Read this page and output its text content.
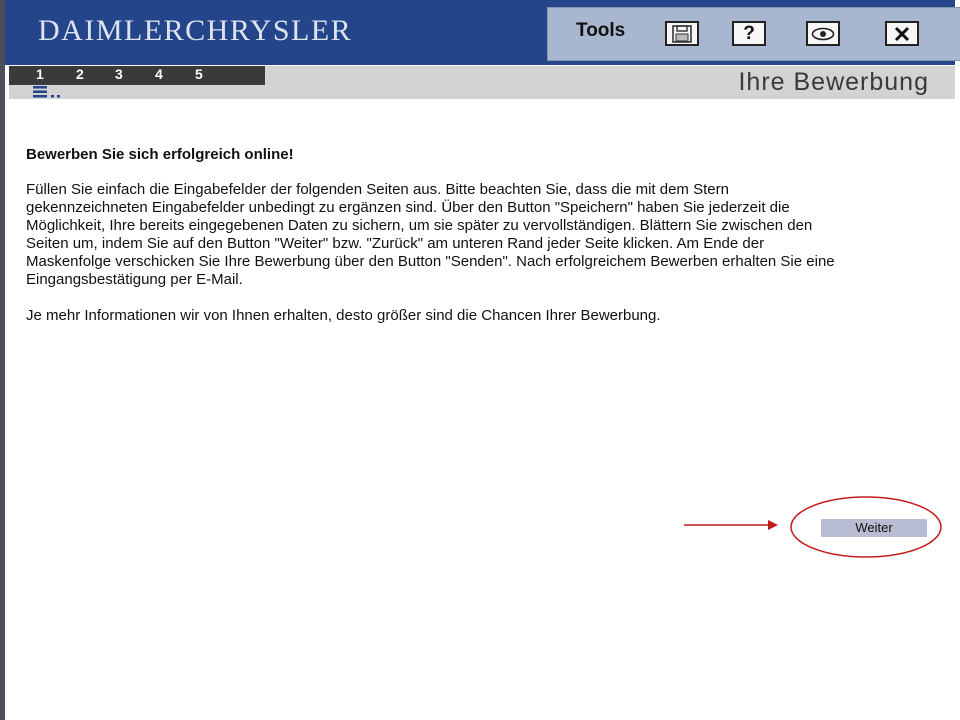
DAIMLERCHRYSLER	Tools	?
1 2 3 4 5	Ihre Bewerbung
Bewerben Sie sich erfolgreich online!

Füllen Sie einfach die Eingabefelder der folgenden Seiten aus. Bitte beachten Sie, dass die mit dem Stern gekennzeichneten Eingabefelder unbedingt zu ergänzen sind. Über den Button "Speichern" haben Sie jederzeit die Möglichkeit, Ihre bereits eingegebenen Daten zu sichern, um sie später zu vervollständigen. Blättern Sie zwischen den Seiten um, indem Sie auf den Button "Weiter" bzw. "Zurück" am unteren Rand jeder Seite klicken. Am Ende der Maskenfolge verschicken Sie Ihre Bewerbung über den Button "Senden". Nach erfolgreichem Bewerben erhalten Sie eine Eingangsbestätigung per E-Mail.

Je mehr Informationen wir von Ihnen erhalten, desto größer sind die Chancen Ihrer Bewerbung.

Weiter
